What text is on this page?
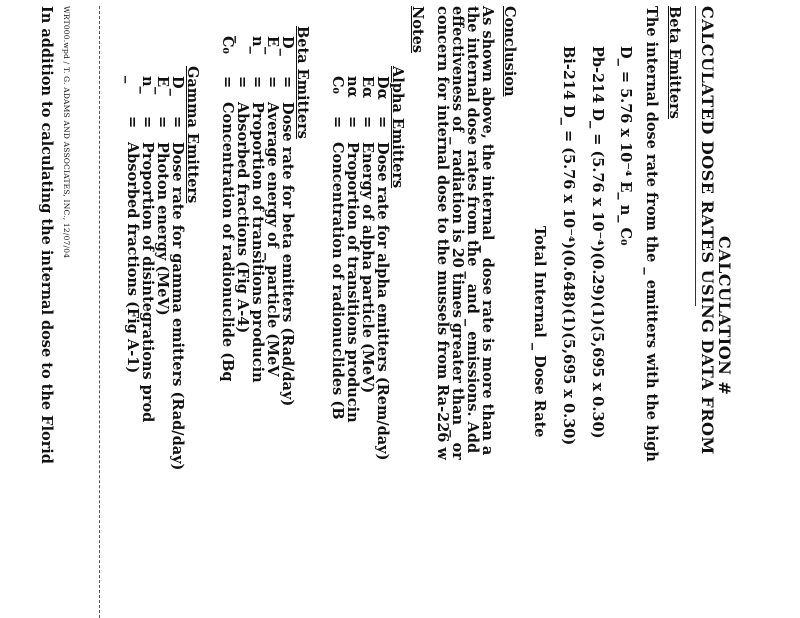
CALCULATION #
CALCULATED DOSE RATES USING DATA FROM
Beta Emitters
The internal dose rate from the _ emitters with the high
D_ = 5.76 x 10⁻⁴ E_ n_ C₀
Pb-214 D_ = (5.76 x 10⁻⁴)(0.29)(1)(5,695 x 0.30)
Bi-214 D_ = (5.76 x 10⁻⁴)(0.648)(1)(5,695 x 0.30)
Total Internal _ Dose Rate
Conclusion
As shown above, the internal _ dose rate is more than a
the internal dose rates from the _ and _ emissions. Add
effectiveness of _ radiation is 20 times greater than _ or
concern for internal dose to the mussels from Ra-226 w
Notes
Alpha Emitters
Dα=Dose rate for alpha emitters (Rem/day)
Eα=Energy of alpha particle (MeV)
nα=Proportion of transitions producin
C₀=Concentration of radionuclides (B
Beta Emitters
D_=Dose rate for beta emitters (Rad/day)
E_=Average energy of _ particle (MeV
n_=Proportion of transitions producin
_=Absorbed fractions (Fig A-4)
C₀=Concentration of radionuclide (Bq
Gamma Emitters
D_=Dose rate for gamma emitters (Rad/day)
E_=Photon energy (MeV)
n_=Proportion of disintegrations prod
_=Absorbed fractions (Fig A-1)
WRT000.wpd / T. G. ADAMS AND ASSOCIATES, INC., 12/07/04
In addition to calculating the internal dose to the Florid
